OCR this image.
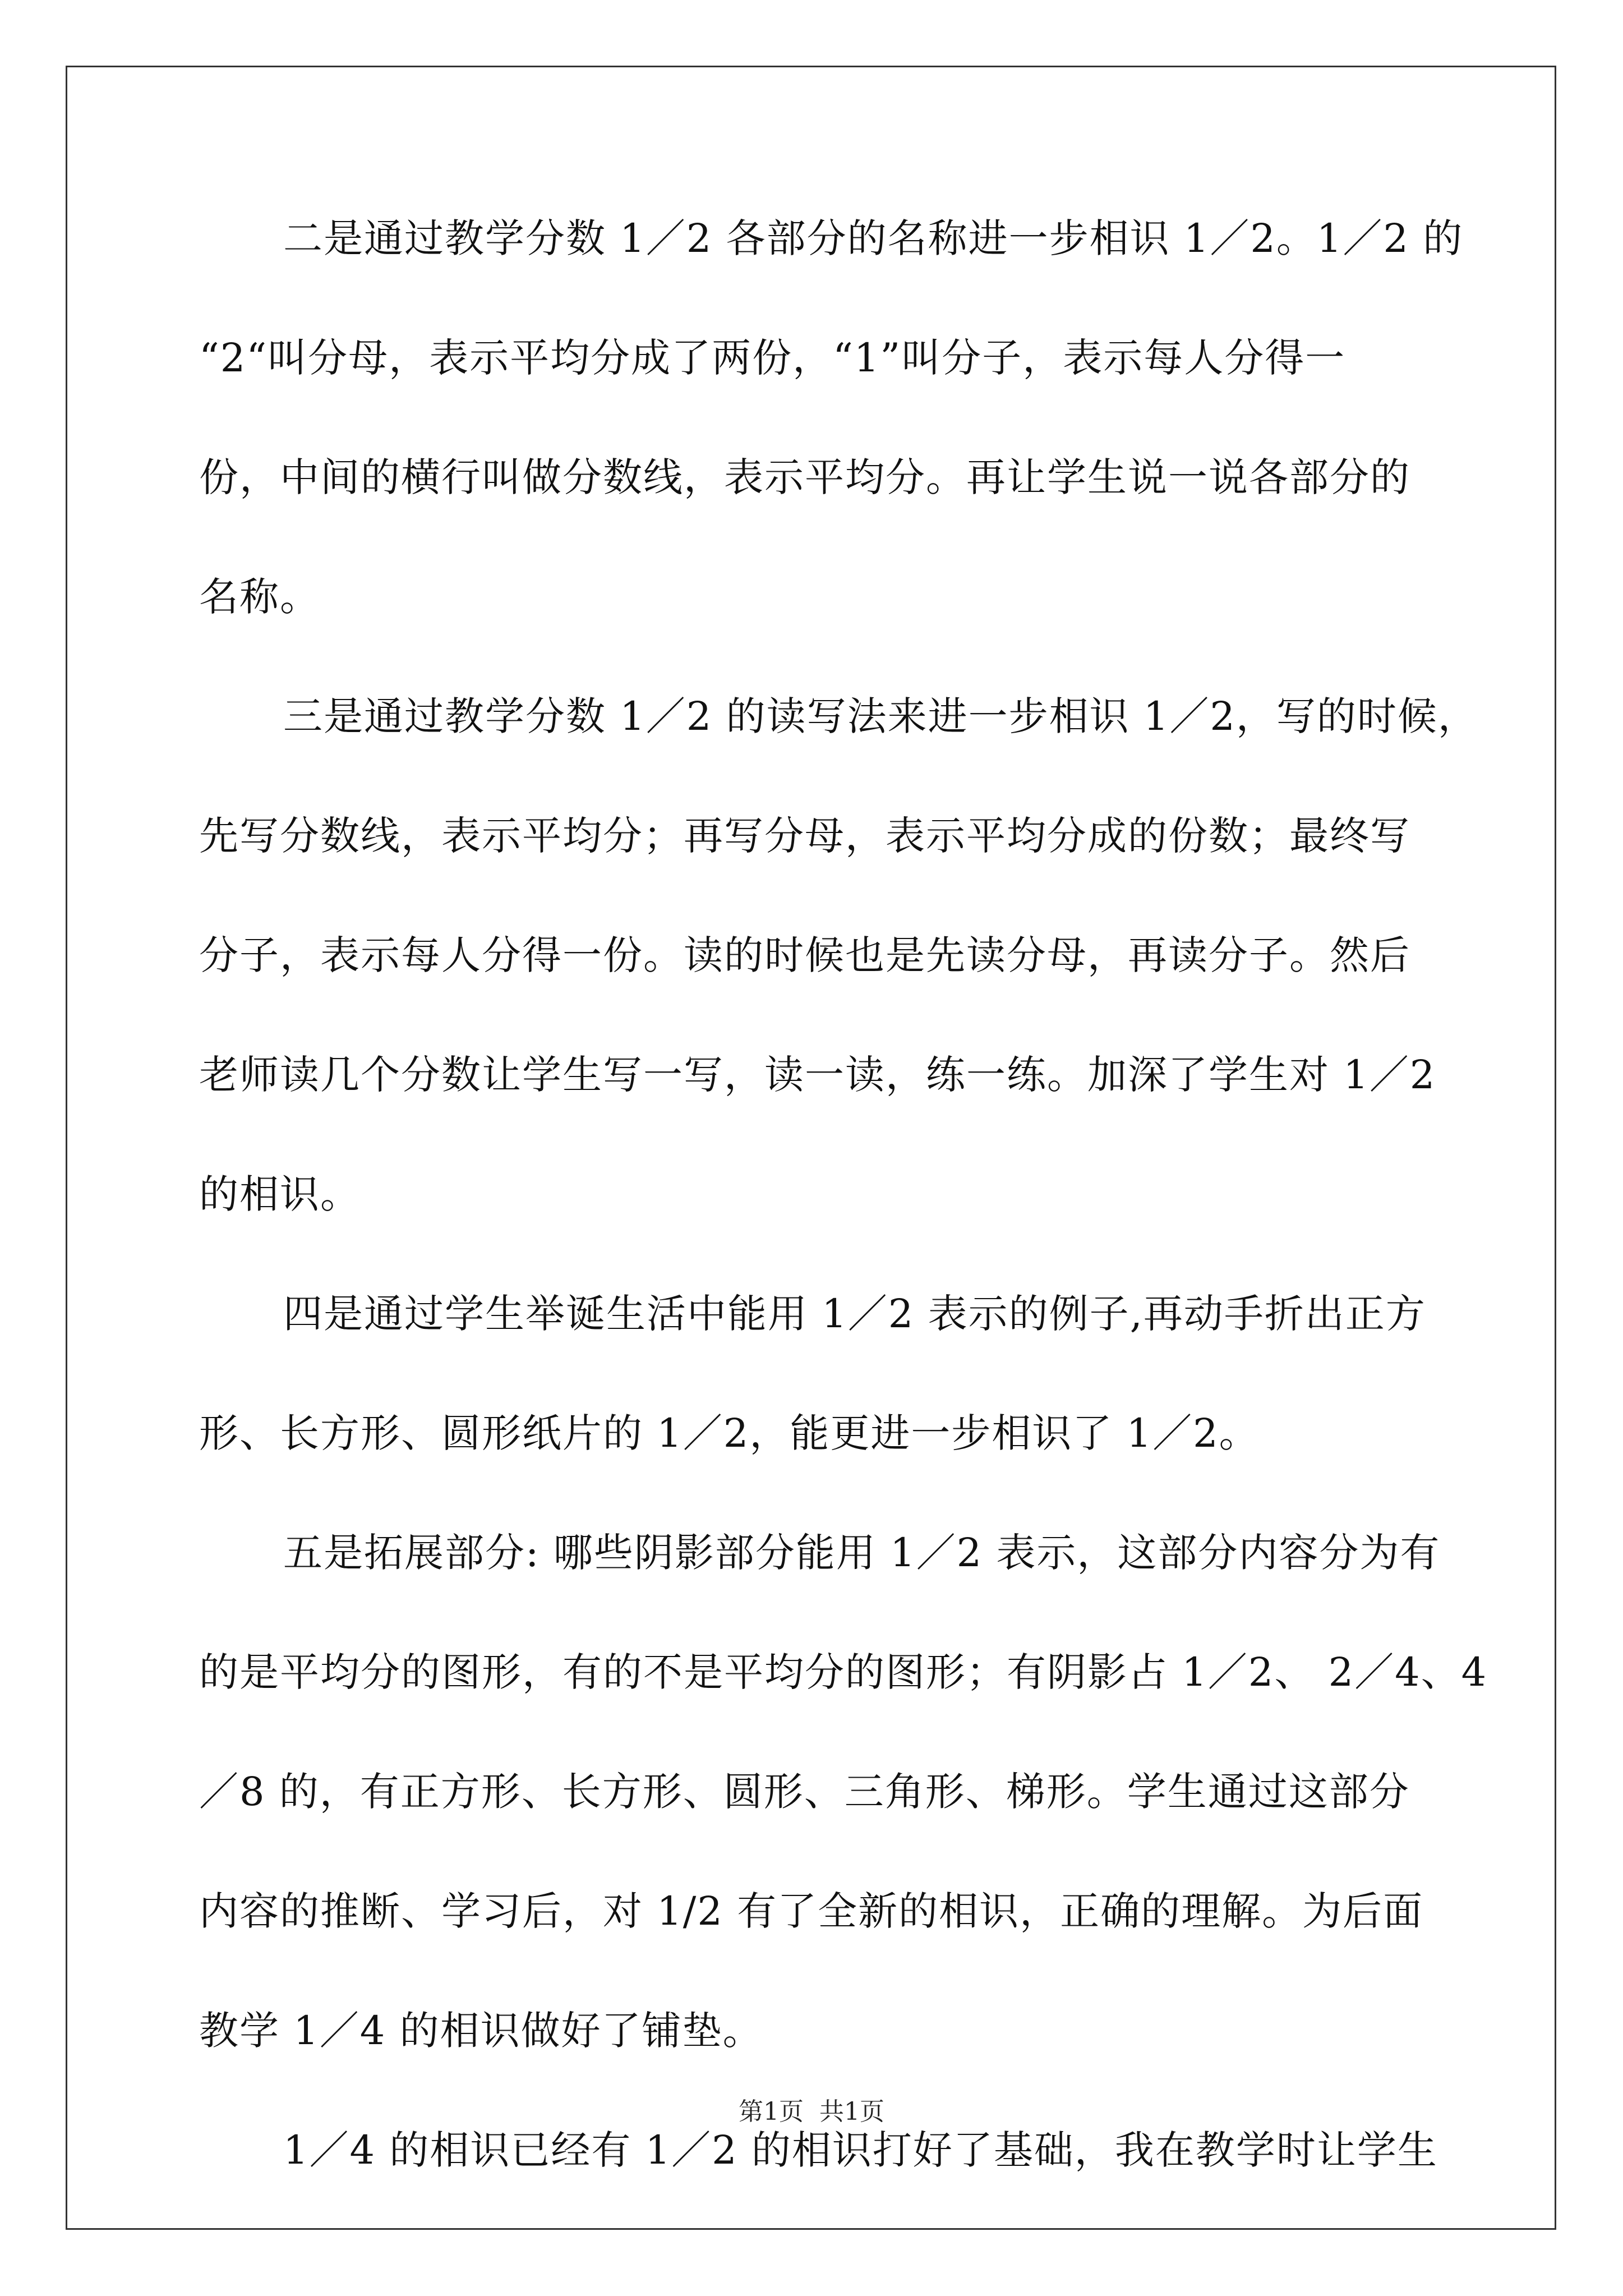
二是通过教学分数 1／2 各部分的名称进一步相识 1／2。1／2 的
“2“叫分母，表示平均分成了两份，“1”叫分子，表示每人分得一
份，中间的横行叫做分数线，表示平均分。再让学生说一说各部分的
名称。
三是通过教学分数 1／2 的读写法来进一步相识 1／2，写的时候，
先写分数线，表示平均分；再写分母，表示平均分成的份数；最终写
分子，表示每人分得一份。读的时候也是先读分母，再读分子。然后
老师读几个分数让学生写一写，读一读，练一练。加深了学生对 1／2
的相识。
四是通过学生举诞生活中能用 1／2 表示的例子,再动手折出正方
形、长方形、圆形纸片的 1／2，能更进一步相识了 1／2。
五是拓展部分: 哪些阴影部分能用 1／2 表示，这部分内容分为有
的是平均分的图形，有的不是平均分的图形；有阴影占 1／2、 2／4、4
／8 的，有正方形、长方形、圆形、三角形、梯形。学生通过这部分
内容的推断、学习后，对 1/2 有了全新的相识，正确的理解。为后面
教学 1／4 的相识做好了铺垫。
1／4 的相识已经有 1／2 的相识打好了基础，我在教学时让学生
第1页 共1页
